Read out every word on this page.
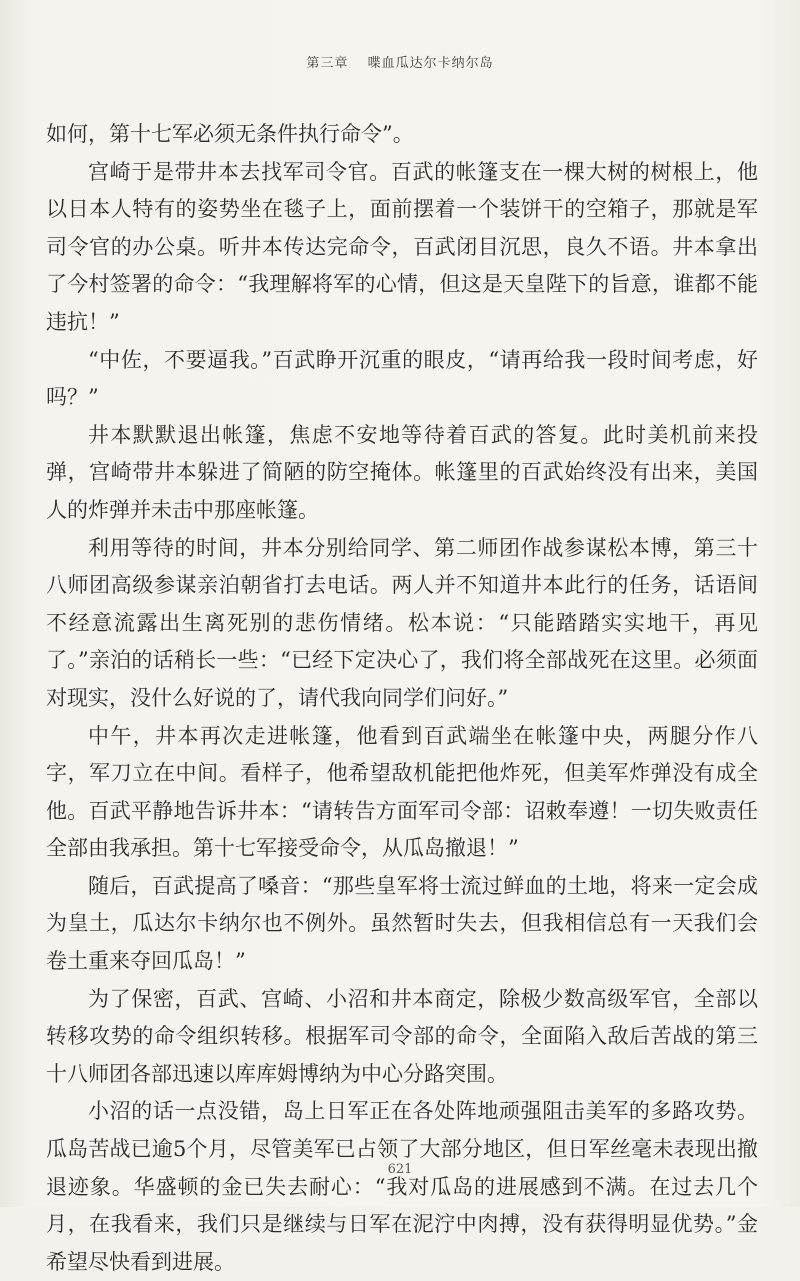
第三章 喋血瓜达尔卡纳尔岛

如何，第十七军必须无条件执行命令”。

宫崎于是带井本去找军司令官。百武的帐篷支在一棵大树的树根上，他以日本人特有的姿势坐在毯子上，面前摆着一个装饼干的空箱子，那就是军司令官的办公桌。听井本传达完命令，百武闭目沉思，良久不语。井本拿出了今村签署的命令：“我理解将军的心情，但这是天皇陛下的旨意，谁都不能违抗！”

“中佐，不要逼我。”百武睁开沉重的眼皮，“请再给我一段时间考虑，好吗？”

井本默默退出帐篷，焦虑不安地等待着百武的答复。此时美机前来投弹，宫崎带井本躲进了简陋的防空掩体。帐篷里的百武始终没有出来，美国人的炸弹并未击中那座帐篷。

利用等待的时间，井本分别给同学、第二师团作战参谋松本博，第三十八师团高级参谋亲泊朝省打去电话。两人并不知道井本此行的任务，话语间不经意流露出生离死别的悲伤情绪。松本说：“只能踏踏实实地干，再见了。”亲泊的话稍长一些：“已经下定决心了，我们将全部战死在这里。必须面对现实，没什么好说的了，请代我向同学们问好。”

中午，井本再次走进帐篷，他看到百武端坐在帐篷中央，两腿分作八字，军刀立在中间。看样子，他希望敌机能把他炸死，但美军炸弹没有成全他。百武平静地告诉井本：“请转告方面军司令部：诏敕奉遵！一切失败责任全部由我承担。第十七军接受命令，从瓜岛撤退！”

随后，百武提高了嗓音：“那些皇军将士流过鲜血的土地，将来一定会成为皇土，瓜达尔卡纳尔也不例外。虽然暂时失去，但我相信总有一天我们会卷土重来夺回瓜岛！”

为了保密，百武、宫崎、小沼和井本商定，除极少数高级军官，全部以转移攻势的命令组织转移。根据军司令部的命令，全面陷入敌后苦战的第三十八师团各部迅速以库库姆博纳为中心分路突围。

小沼的话一点没错，岛上日军正在各处阵地顽强阻击美军的多路攻势。瓜岛苦战已逾5个月，尽管美军已占领了大部分地区，但日军丝毫未表现出撤退迹象。华盛顿的金已失去耐心：“我对瓜岛的进展感到不满。在过去几个月，在我看来，我们只是继续与日军在泥泞中肉搏，没有获得明显优势。”金希望尽快看到进展。

621
